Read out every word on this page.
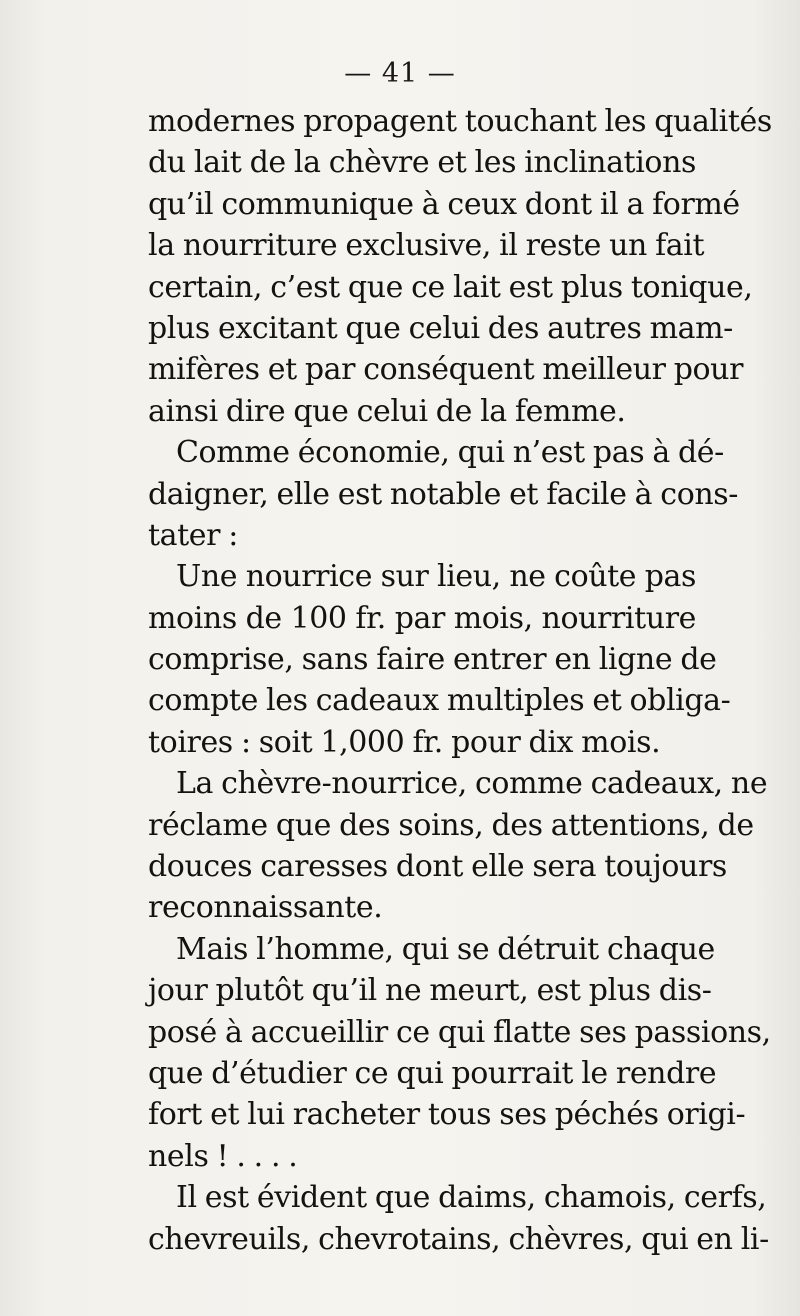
— 41 —
modernes propagent touchant les qualités
du lait de la chèvre et les inclinations
qu’il communique à ceux dont il a formé
la nourriture exclusive, il reste un fait
certain, c’est que ce lait est plus tonique,
plus excitant que celui des autres mam-
mifères et par conséquent meilleur pour
ainsi dire que celui de la femme.
Comme économie, qui n’est pas à dé-
daigner, elle est notable et facile à cons-
tater :
Une nourrice sur lieu, ne coûte pas
moins de 100 fr. par mois, nourriture
comprise, sans faire entrer en ligne de
compte les cadeaux multiples et obliga-
toires : soit 1,000 fr. pour dix mois.
La chèvre-nourrice, comme cadeaux, ne
réclame que des soins, des attentions, de
douces caresses dont elle sera toujours
reconnaissante.
Mais l’homme, qui se détruit chaque
jour plutôt qu’il ne meurt, est plus dis-
posé à accueillir ce qui flatte ses passions,
que d’étudier ce qui pourrait le rendre
fort et lui racheter tous ses péchés origi-
nels ! . . . .
Il est évident que daims, chamois, cerfs,
chevreuils, chevrotains, chèvres, qui en li-
